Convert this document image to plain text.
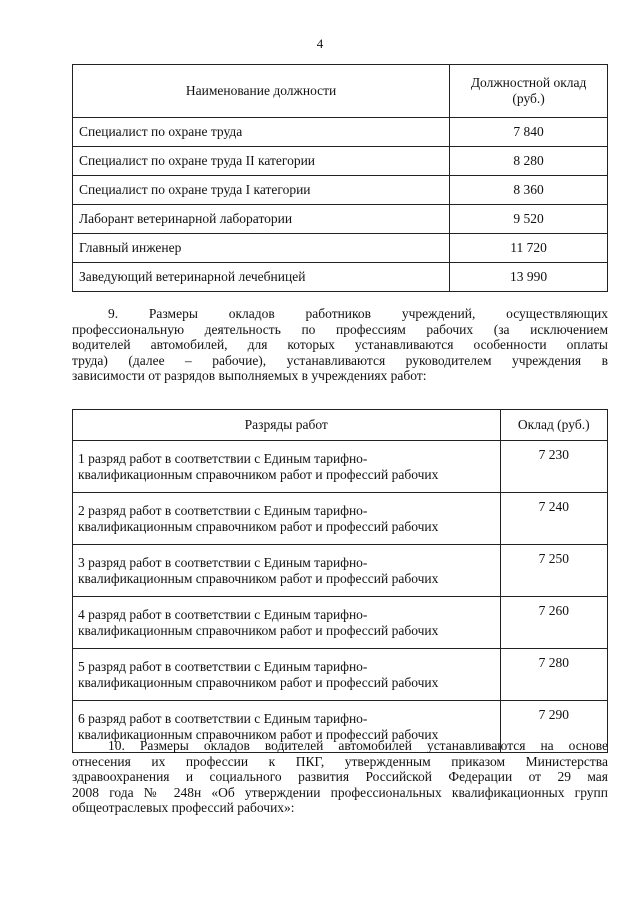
4
Наименование должности	Должностной оклад
(руб.)
Специалист по охране труда	7 840
Специалист по охране труда II категории	8 280
Специалист по охране труда I категории	8 360
Лаборант ветеринарной лаборатории	9 520
Главный инженер	11 720
Заведующий ветеринарной лечебницей	13 990

9. Размеры окладов работников учреждений, осуществляющих
профессиональную деятельность по профессиям рабочих (за исключением
водителей автомобилей, для которых устанавливаются особенности оплаты
труда) (далее – рабочие), устанавливаются руководителем учреждения в
зависимости от разрядов выполняемых в учреждениях работ:

Разряды работ	Оклад (руб.)

1 разряд работ в соответствии с Единым тарифно-
квалификационным справочником работ и профессий рабочих	7 230

2 разряд работ в соответствии с Единым тарифно-
квалификационным справочником работ и профессий рабочих	7 240

3 разряд работ в соответствии с Единым тарифно-
квалификационным справочником работ и профессий рабочих	7 250

4 разряд работ в соответствии с Единым тарифно-
квалификационным справочником работ и профессий рабочих	7 260

5 разряд работ в соответствии с Единым тарифно-
квалификационным справочником работ и профессий рабочих	7 280

6 разряд работ в соответствии с Единым тарифно-
квалификационным справочником работ и профессий рабочих	7 290

10. Размеры окладов водителей автомобилей устанавливаются на основе
отнесения их профессии к ПКГ, утвержденным приказом Министерства
здравоохранения и социального развития Российской Федерации от 29 мая
2008 года № 248н «Об утверждении профессиональных квалификационных групп
общеотраслевых профессий рабочих»:
